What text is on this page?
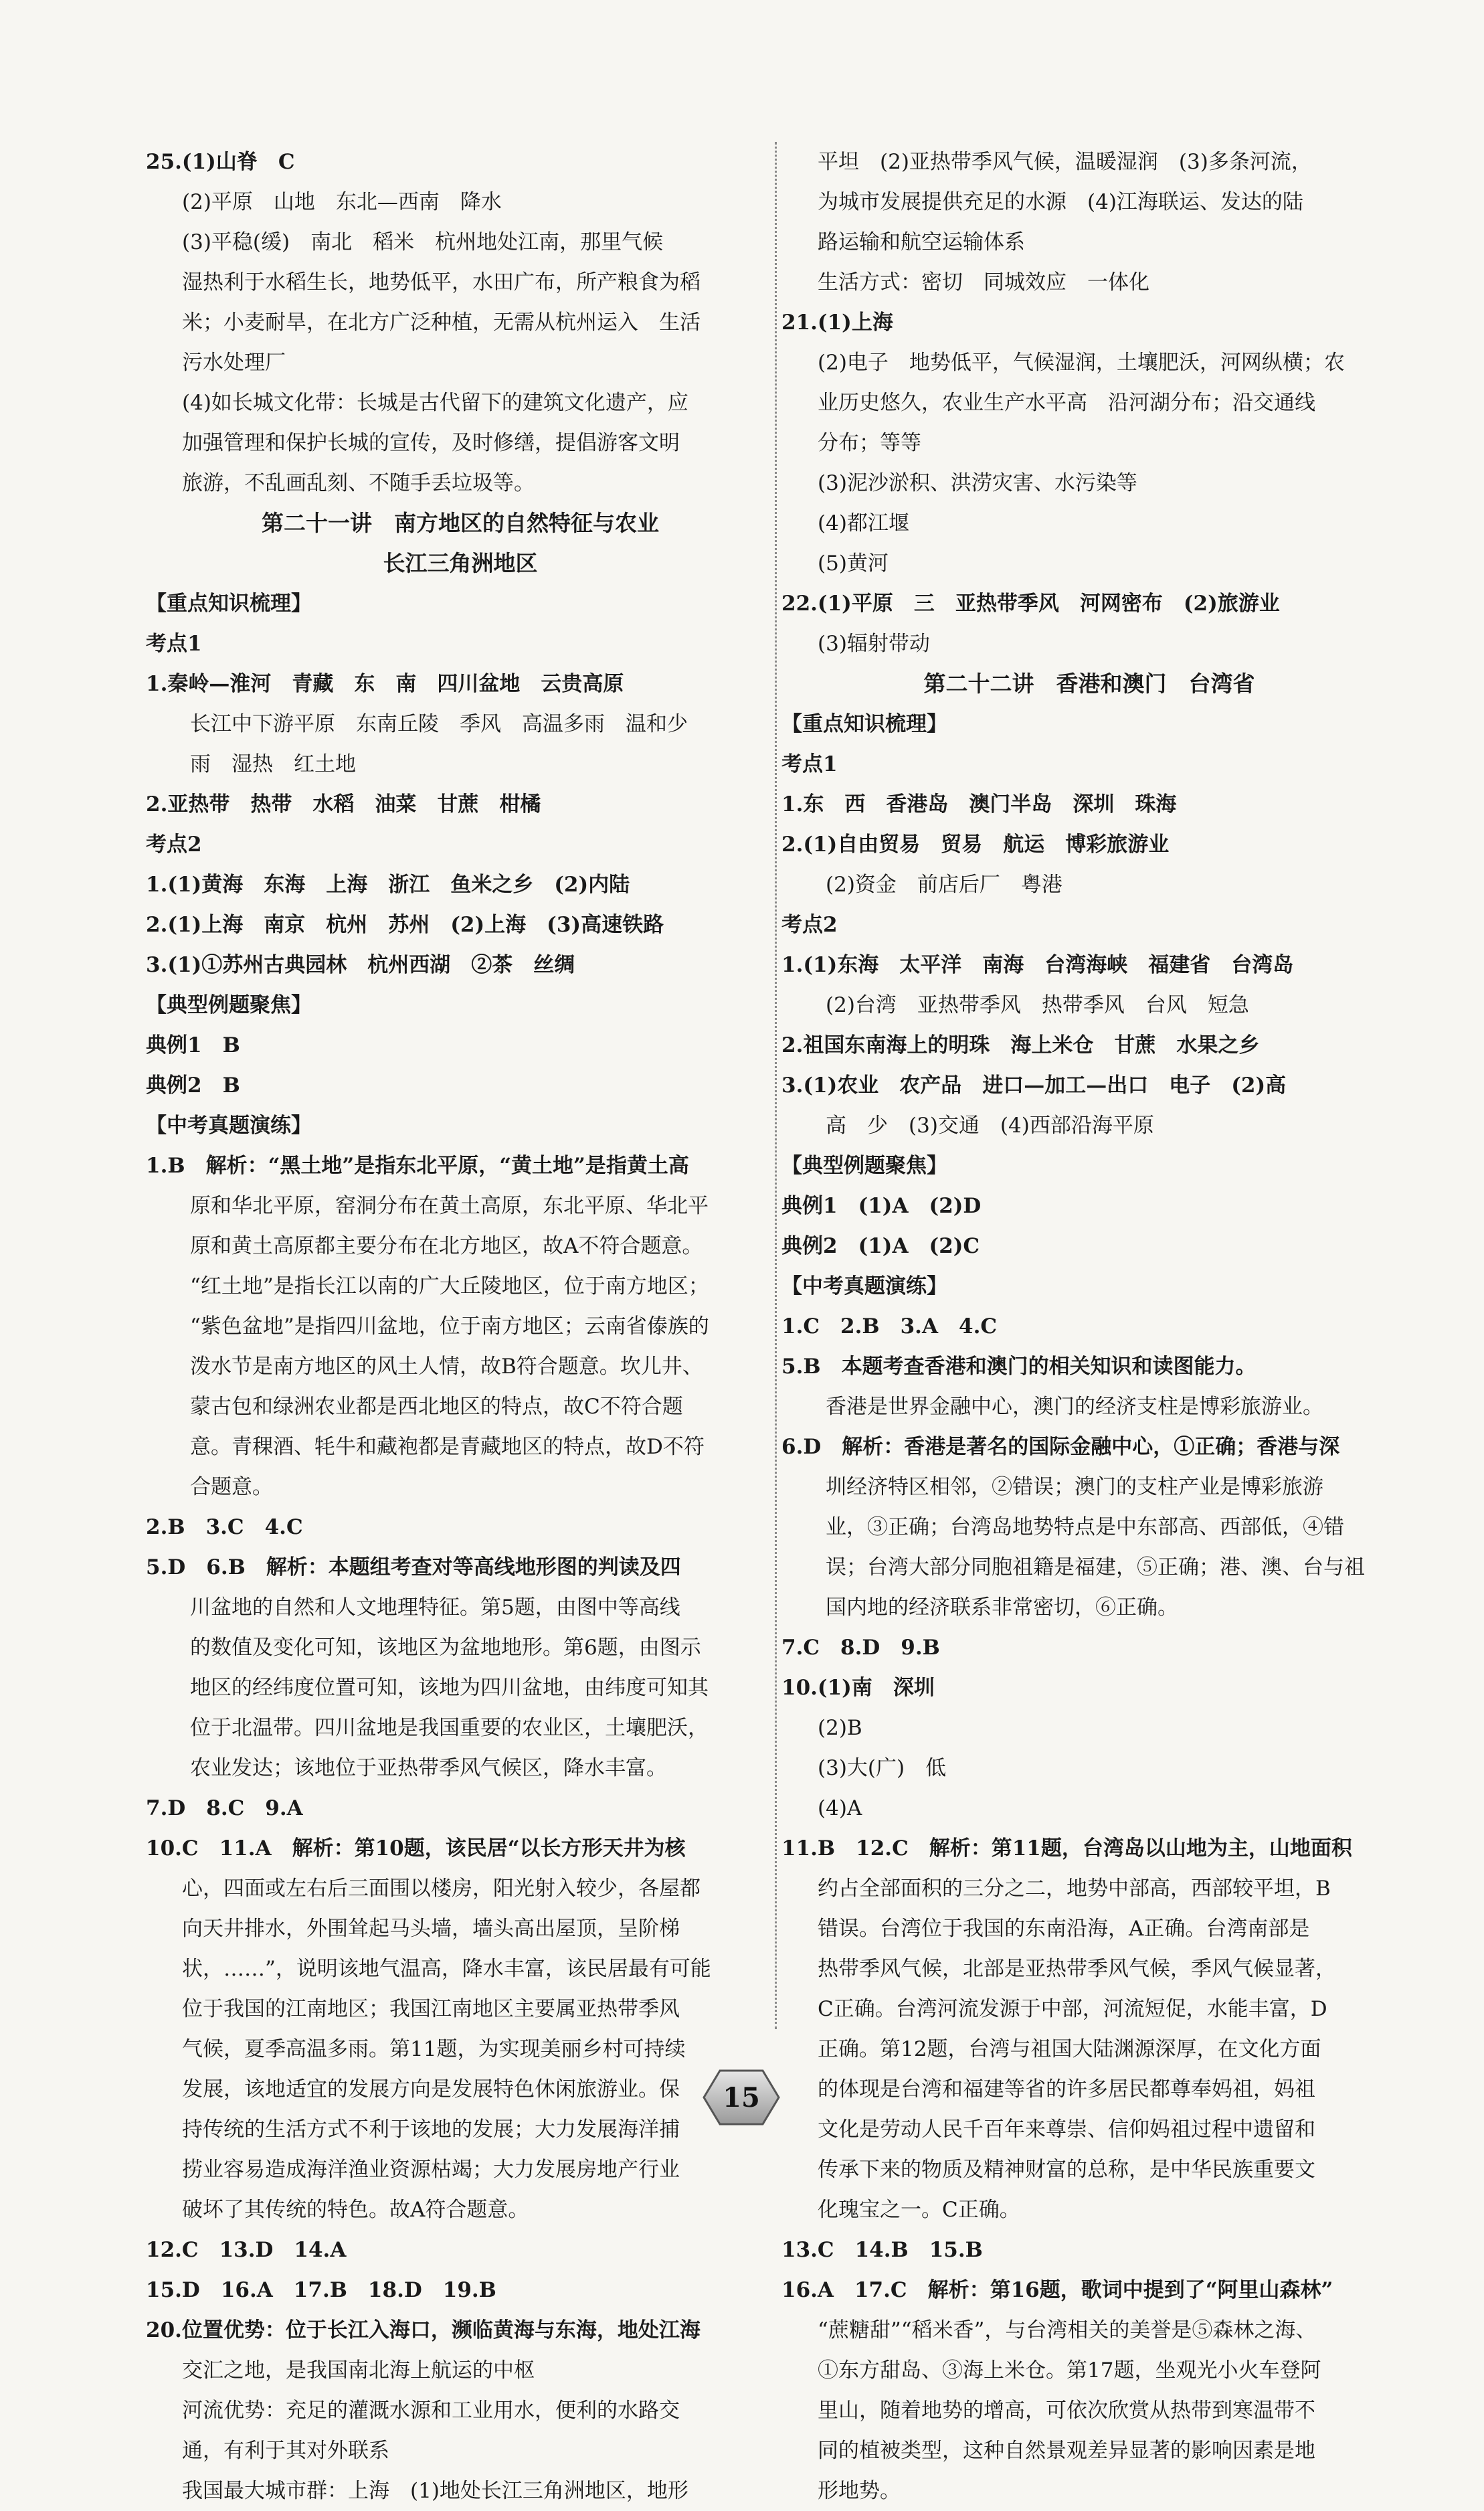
25.(1)山脊　C
(2)平原　山地　东北—西南　降水
(3)平稳(缓)　南北　稻米　杭州地处江南，那里气候
湿热利于水稻生长，地势低平，水田广布，所产粮食为稻
米；小麦耐旱，在北方广泛种植，无需从杭州运入　生活
污水处理厂
(4)如长城文化带：长城是古代留下的建筑文化遗产，应
加强管理和保护长城的宣传，及时修缮，提倡游客文明
旅游，不乱画乱刻、不随手丢垃圾等。
第二十一讲　南方地区的自然特征与农业
长江三角洲地区
【重点知识梳理】
考点1
1.秦岭—淮河　青藏　东　南　四川盆地　云贵高原
长江中下游平原　东南丘陵　季风　高温多雨　温和少
雨　湿热　红土地
2.亚热带　热带　水稻　油菜　甘蔗　柑橘
考点2
1.(1)黄海　东海　上海　浙江　鱼米之乡　(2)内陆
2.(1)上海　南京　杭州　苏州　(2)上海　(3)高速铁路
3.(1)①苏州古典园林　杭州西湖　②茶　丝绸
【典型例题聚焦】
典例1　B
典例2　B
【中考真题演练】
1.B　解析：“黑土地”是指东北平原，“黄土地”是指黄土高
原和华北平原，窑洞分布在黄土高原，东北平原、华北平
原和黄土高原都主要分布在北方地区，故A不符合题意。
“红土地”是指长江以南的广大丘陵地区，位于南方地区；
“紫色盆地”是指四川盆地，位于南方地区；云南省傣族的
泼水节是南方地区的风土人情，故B符合题意。坎儿井、
蒙古包和绿洲农业都是西北地区的特点，故C不符合题
意。青稞酒、牦牛和藏袍都是青藏地区的特点，故D不符
合题意。
2.B　3.C　4.C
5.D　6.B　解析：本题组考查对等高线地形图的判读及四
川盆地的自然和人文地理特征。第5题，由图中等高线
的数值及变化可知，该地区为盆地地形。第6题，由图示
地区的经纬度位置可知，该地为四川盆地，由纬度可知其
位于北温带。四川盆地是我国重要的农业区，土壤肥沃，
农业发达；该地位于亚热带季风气候区，降水丰富。
7.D　8.C　9.A
10.C　11.A　解析：第10题，该民居“以长方形天井为核
心，四面或左右后三面围以楼房，阳光射入较少，各屋都
向天井排水，外围耸起马头墙，墙头高出屋顶，呈阶梯
状，……”，说明该地气温高，降水丰富，该民居最有可能
位于我国的江南地区；我国江南地区主要属亚热带季风
气候，夏季高温多雨。第11题，为实现美丽乡村可持续
发展，该地适宜的发展方向是发展特色休闲旅游业。保
持传统的生活方式不利于该地的发展；大力发展海洋捕
捞业容易造成海洋渔业资源枯竭；大力发展房地产行业
破坏了其传统的特色。故A符合题意。
12.C　13.D　14.A
15.D　16.A　17.B　18.D　19.B
20.位置优势：位于长江入海口，濒临黄海与东海，地处江海
交汇之地，是我国南北海上航运的中枢
河流优势：充足的灌溉水源和工业用水，便利的水路交
通，有利于其对外联系
我国最大城市群：上海　(1)地处长江三角洲地区，地形
平坦　(2)亚热带季风气候，温暖湿润　(3)多条河流，
为城市发展提供充足的水源　(4)江海联运、发达的陆
路运输和航空运输体系
生活方式：密切　同城效应　一体化
21.(1)上海
(2)电子　地势低平，气候湿润，土壤肥沃，河网纵横；农
业历史悠久，农业生产水平高　沿河湖分布；沿交通线
分布；等等
(3)泥沙淤积、洪涝灾害、水污染等
(4)都江堰
(5)黄河
22.(1)平原　三　亚热带季风　河网密布　(2)旅游业
(3)辐射带动
第二十二讲　香港和澳门　台湾省
【重点知识梳理】
考点1
1.东　西　香港岛　澳门半岛　深圳　珠海
2.(1)自由贸易　贸易　航运　博彩旅游业
(2)资金　前店后厂　粤港
考点2
1.(1)东海　太平洋　南海　台湾海峡　福建省　台湾岛
(2)台湾　亚热带季风　热带季风　台风　短急
2.祖国东南海上的明珠　海上米仓　甘蔗　水果之乡
3.(1)农业　农产品　进口—加工—出口　电子　(2)高
高　少　(3)交通　(4)西部沿海平原
【典型例题聚焦】
典例1　(1)A　(2)D
典例2　(1)A　(2)C
【中考真题演练】
1.C　2.B　3.A　4.C
5.B　本题考查香港和澳门的相关知识和读图能力。
香港是世界金融中心，澳门的经济支柱是博彩旅游业。
6.D　解析：香港是著名的国际金融中心，①正确；香港与深
圳经济特区相邻，②错误；澳门的支柱产业是博彩旅游
业，③正确；台湾岛地势特点是中东部高、西部低，④错
误；台湾大部分同胞祖籍是福建，⑤正确；港、澳、台与祖
国内地的经济联系非常密切，⑥正确。
7.C　8.D　9.B
10.(1)南　深圳
(2)B
(3)大(广)　低
(4)A
11.B　12.C　解析：第11题，台湾岛以山地为主，山地面积
约占全部面积的三分之二，地势中部高，西部较平坦，B
错误。台湾位于我国的东南沿海，A正确。台湾南部是
热带季风气候，北部是亚热带季风气候，季风气候显著，
C正确。台湾河流发源于中部，河流短促，水能丰富，D
正确。第12题，台湾与祖国大陆渊源深厚，在文化方面
的体现是台湾和福建等省的许多居民都尊奉妈祖，妈祖
文化是劳动人民千百年来尊崇、信仰妈祖过程中遗留和
传承下来的物质及精神财富的总称，是中华民族重要文
化瑰宝之一。C正确。
13.C　14.B　15.B
16.A　17.C　解析：第16题，歌词中提到了“阿里山森林”
“蔗糖甜”“稻米香”，与台湾相关的美誉是⑤森林之海、
①东方甜岛、③海上米仓。第17题，坐观光小火车登阿
里山，随着地势的增高，可依次欣赏从热带到寒温带不
同的植被类型，这种自然景观差异显著的影响因素是地
形地势。
15
